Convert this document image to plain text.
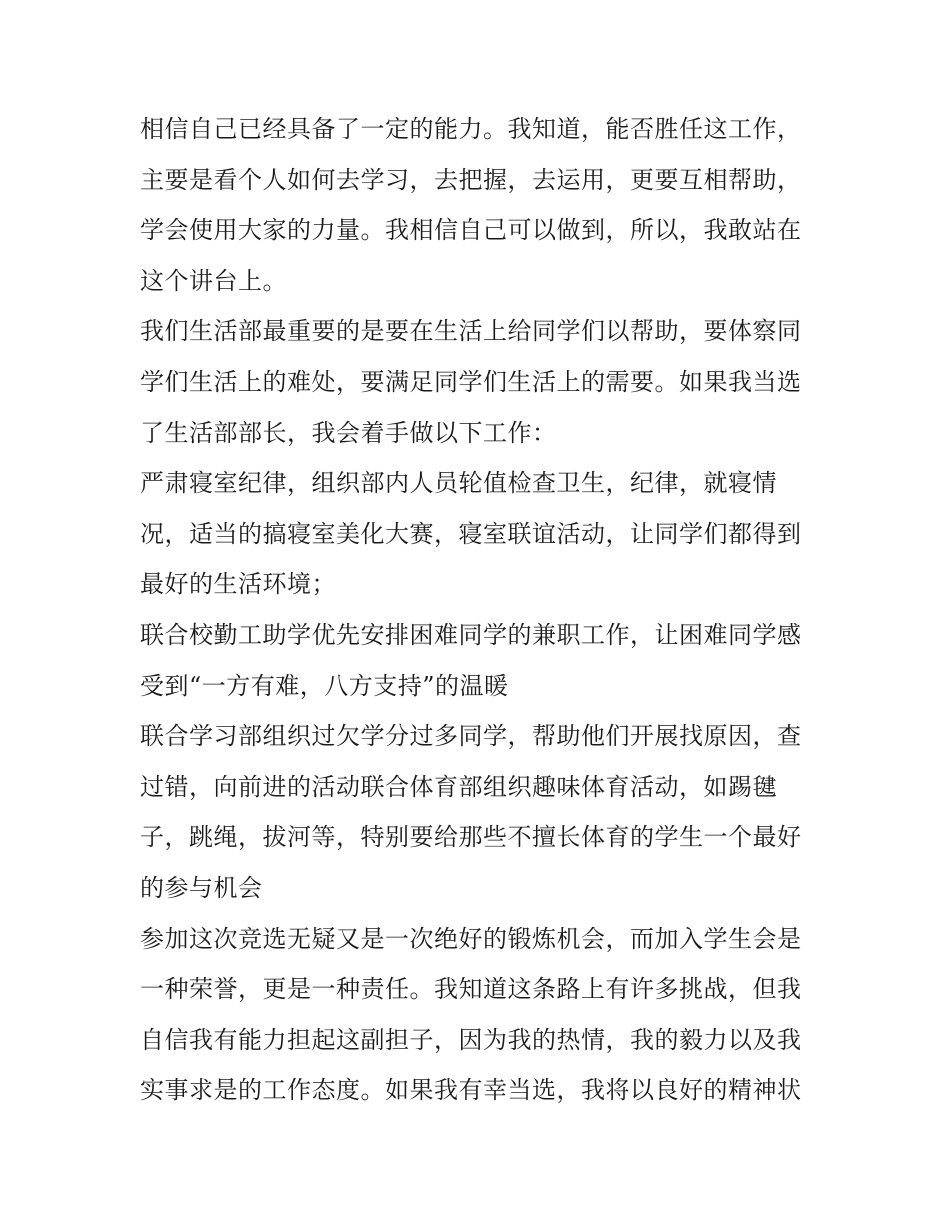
相信自己已经具备了一定的能力。我知道，能否胜任这工作，
主要是看个人如何去学习，去把握，去运用，更要互相帮助，
学会使用大家的力量。我相信自己可以做到，所以，我敢站在
这个讲台上。
我们生活部最重要的是要在生活上给同学们以帮助，要体察同
学们生活上的难处，要满足同学们生活上的需要。如果我当选
了生活部部长，我会着手做以下工作：
严肃寝室纪律，组织部内人员轮值检查卫生，纪律，就寝情
况，适当的搞寝室美化大赛，寝室联谊活动，让同学们都得到
最好的生活环境；
联合校勤工助学优先安排困难同学的兼职工作，让困难同学感
受到“一方有难，八方支持”的温暖
联合学习部组织过欠学分过多同学，帮助他们开展找原因，查
过错，向前进的活动联合体育部组织趣味体育活动，如踢毽
子，跳绳，拔河等，特别要给那些不擅长体育的学生一个最好
的参与机会
参加这次竞选无疑又是一次绝好的锻炼机会，而加入学生会是
一种荣誉，更是一种责任。我知道这条路上有许多挑战，但我
自信我有能力担起这副担子，因为我的热情，我的毅力以及我
实事求是的工作态度。如果我有幸当选，我将以良好的精神状
